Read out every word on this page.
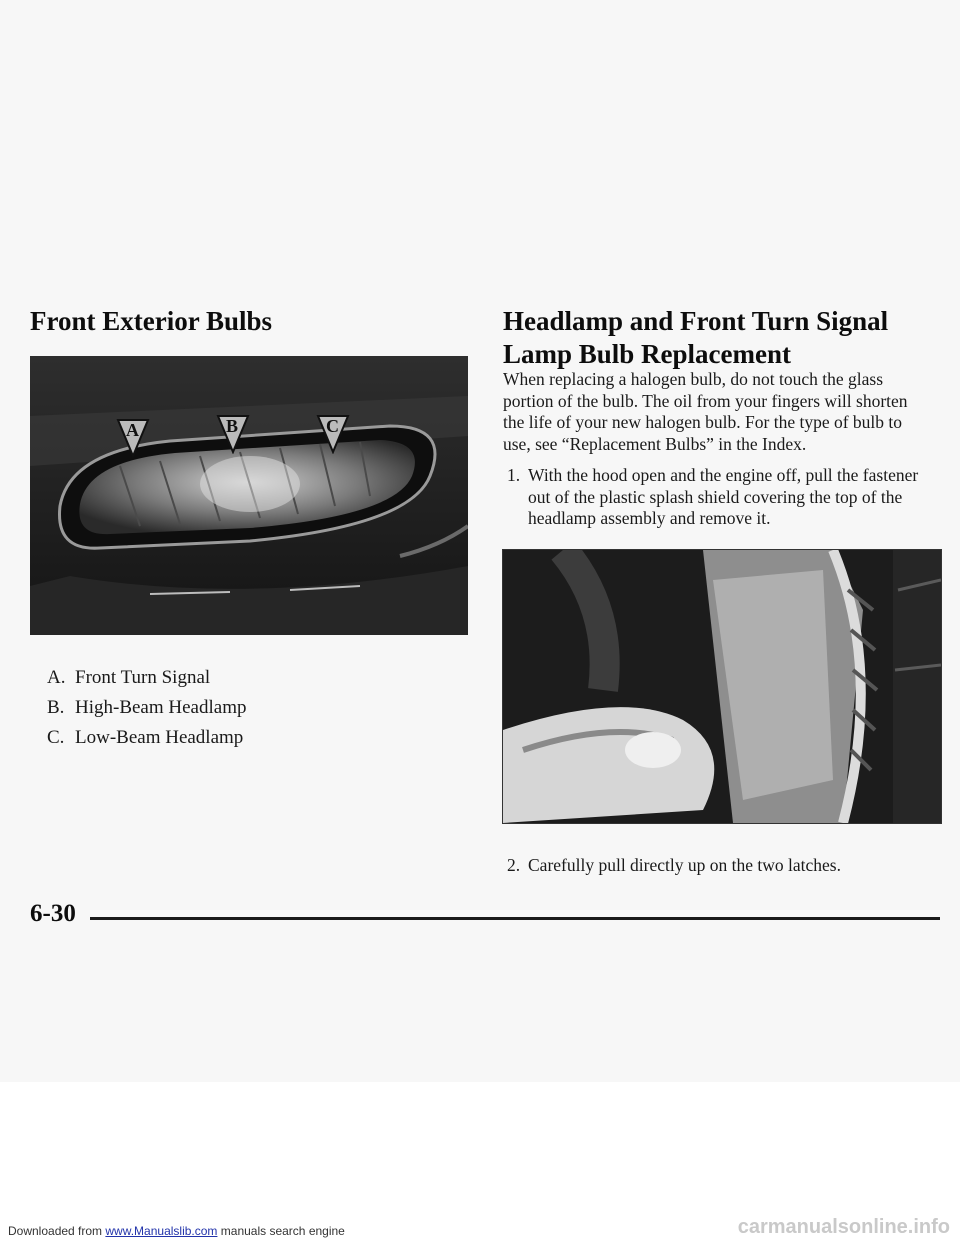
Front Exterior Bulbs
A	B	C
A. Front Turn Signal
B. High-Beam Headlamp
C. Low-Beam Headlamp
Headlamp and Front Turn Signal Lamp Bulb Replacement

When replacing a halogen bulb, do not touch the glass portion of the bulb. The oil from your fingers will shorten the life of your new halogen bulb. For the type of bulb to use, see “Replacement Bulbs” in the Index.

1. With the hood open and the engine off, pull the fastener out of the plastic splash shield covering the top of the headlamp assembly and remove it.
2. Carefully pull directly up on the two latches.
6-30
Downloaded from www.Manualslib.com manuals search engine	carmanualsonline.info
